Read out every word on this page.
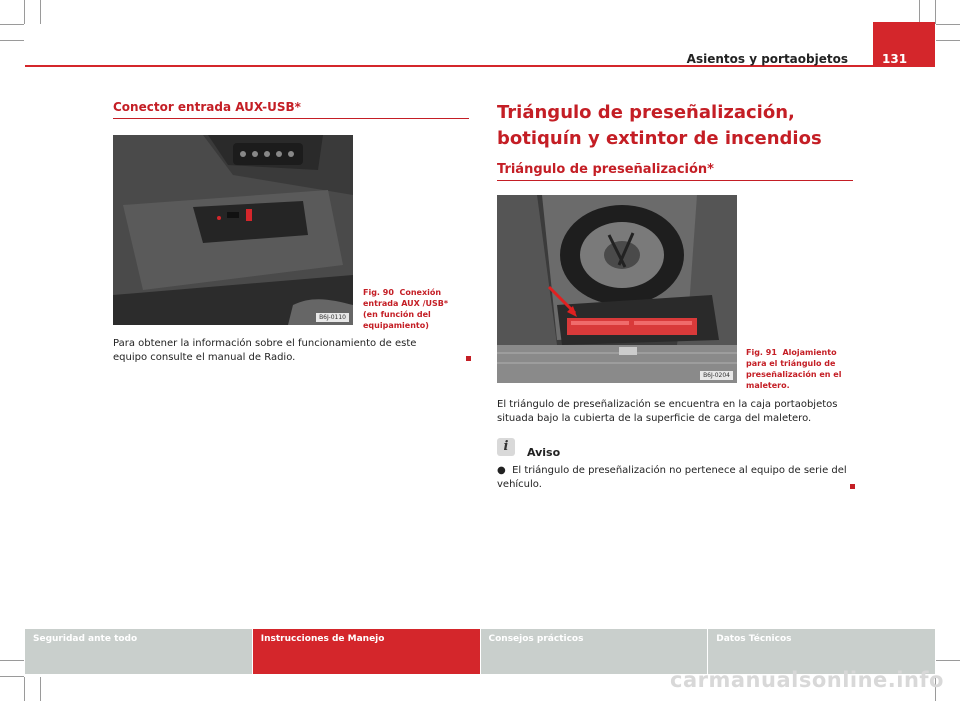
Asientos y portaobjetos	131
Conector entrada AUX-USB*
B6J-0110
Fig. 90 Conexión entrada AUX /USB* (en función del equipamiento)
Para obtener la información sobre el funcionamiento de este equipo consulte el manual de Radio.
Triángulo de preseñalización, botiquín y extintor de incendios
Triángulo de preseñalización*
B6J-0204
Fig. 91 Alojamiento para el triángulo de preseñalización en el maletero.
El triángulo de preseñalización se encuentra en la caja portaobjetos situada bajo la cubierta de la superficie de carga del maletero.
i	Aviso
● El triángulo de preseñalización no pertenece al equipo de serie del vehículo.
Seguridad ante todo	Instrucciones de Manejo	Consejos prácticos	Datos Técnicos
carmanualsonline.info
